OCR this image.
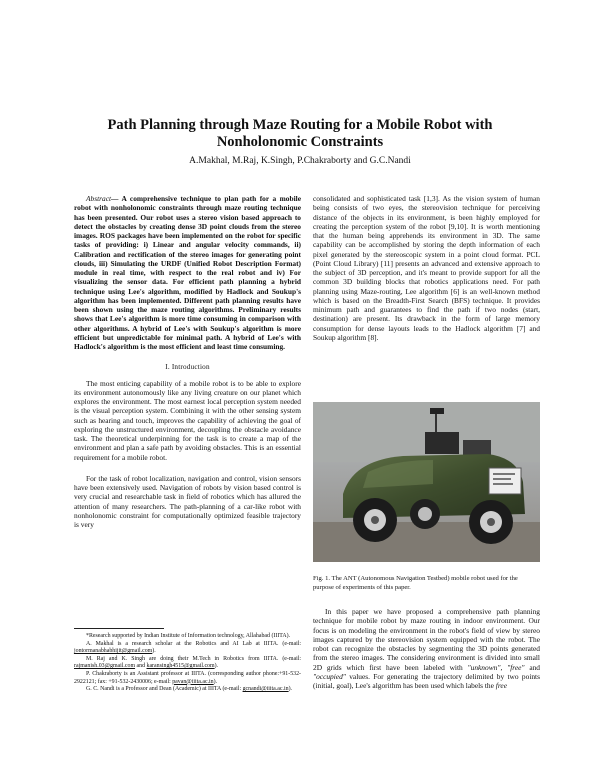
Path Planning through Maze Routing for a Mobile Robot with
Nonholonomic Constraints
A.Makhal, M.Raj, K.Singh, P.Chakraborty and G.C.Nandi

Abstract— A comprehensive technique to plan path for a mobile robot with nonholonomic constraints through maze routing technique has been presented. Our robot uses a stereo vision based approach to detect the obstacles by creating dense 3D point clouds from the stereo images. ROS packages have been implemented on the robot for specific tasks of providing: i) Linear and angular velocity commands, ii) Calibration and rectification of the stereo images for generating point clouds, iii) Simulating the URDF (Unified Robot Description Format) module in real time, with respect to the real robot and iv) For visualizing the sensor data. For efficient path planning a hybrid technique using Lee's algorithm, modified by Hadlock and Soukup's algorithm has been implemented. Different path planning results have been shown using the maze routing algorithms. Preliminary results shows that Lee's algorithm is more time consuming in comparison with other algorithms. A hybrid of Lee's with Soukup's algorithm is more efficient but unpredictable for minimal path. A hybrid of Lee's with Hadlock's algorithm is the most efficient and least time consuming.

I. Introduction

The most enticing capability of a mobile robot is to be able to explore its environment autonomously like any living creature on our planet which explores the environment. The most earnest local perception system needed is the visual perception system. Combining it with the other sensing system such as hearing and touch, improves the capability of achieving the goal of exploring the unstructured environment, decoupling the obstacle avoidance task. The theoretical underpinning for the task is to create a map of the environment and plan a safe path by avoiding obstacles. This is an essential requirement for a mobile robot.

For the task of robot localization, navigation and control, vision sensors have been extensively used. Navigation of robots by vision based control is very crucial and researchable task in field of robotics which has allured the attention of many researchers. The path-planning of a car-like robot with nonholonomic constraint for computationally optimized feasible trajectory is very

*Research supported by Indian Institute of Information technology, Allahabad (IIITA).

A. Makhal is a research scholar at the Robotics and AI Lab at IIITA. (e-mail: jontormanabhabhijit@gmail.com).

M. Raj and K. Singh are doing their M.Tech in Robotics from IIITA. (e-mail: rajmanish.03@gmail.com and karansingh4515@gmail.com).

P. Chakraborty is an Assistant professor at IIITA. (corresponding author phone:+91-532-2922121; fax: +91-532-2430006; e-mail: pavan@iiita.ac.in).

G. C. Nandi is a Professor and Dean (Academic) at IIITA (e-mail: gcnandi@iiita.ac.in).

consolidated and sophisticated task [1,3]. As the vision system of human being consists of two eyes, the stereovision technique for perceiving distance of the objects in its environment, is been highly employed for creating the perception system of the robot [9,10]. It is worth mentioning that the human being apprehends its environment in 3D. The same capability can be accomplished by storing the depth information of each pixel generated by the stereoscopic system in a point cloud format. PCL (Point Cloud Library) [11] presents an advanced and extensive approach to the subject of 3D perception, and it's meant to provide support for all the common 3D building blocks that robotics applications need. For path planning using Maze-routing, Lee algorithm [6] is an well-known method which is based on the Breadth-First Search (BFS) technique. It provides minimum path and guarantees to find the path if two nodes (start, destination) are present. Its drawback in the form of large memory consumption for dense layouts leads to the Hadlock algorithm [7] and Soukup algorithm [8].

Fig. 1. The ANT (Autonomous Navigation Testbed) mobile robot used for the purpose of experiments of this paper.

In this paper we have proposed a comprehensive path planning technique for mobile robot by maze routing in indoor environment. Our focus is on modeling the environment in the robot's field of view by stereo images captured by the stereovision system equipped with the robot. The robot can recognize the obstacles by segmenting the 3D points generated from the stereo images. The considering environment is divided into small 2D grids which first have been labeled with "unknown", "free" and "occupied" values. For generating the trajectory delimited by two points (initial, goal), Lee's algorithm has been used which labels the free
